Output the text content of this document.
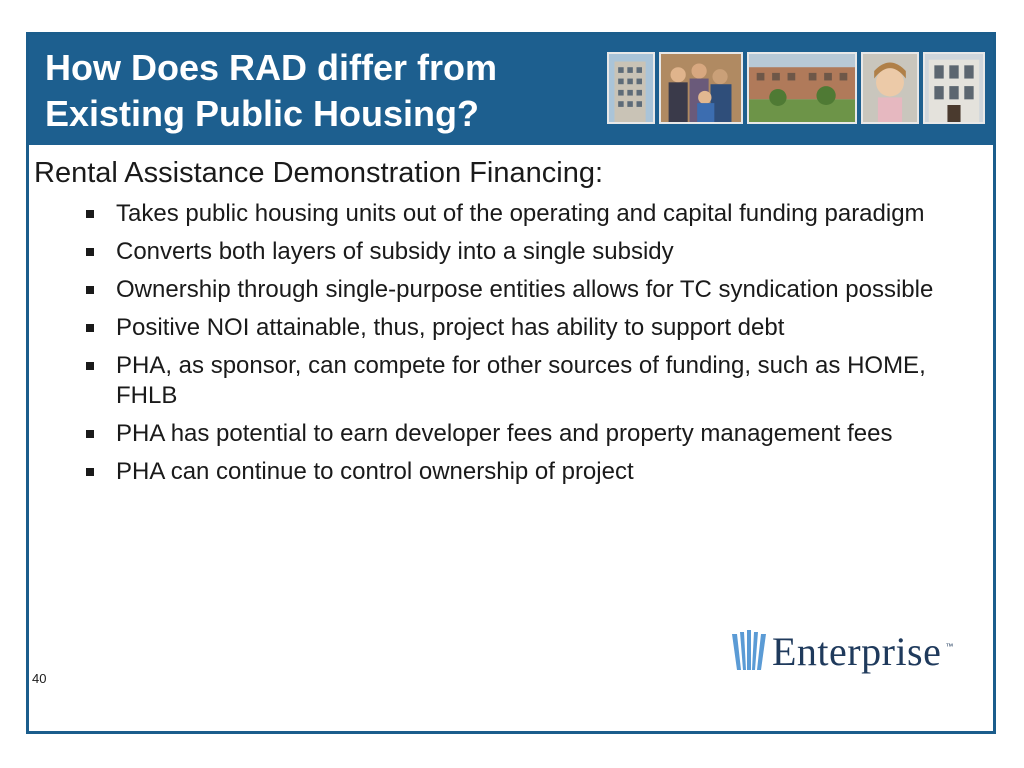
How Does RAD differ from
Existing Public Housing?

Rental Assistance Demonstration Financing:

Takes public housing units out of the operating and capital funding paradigm
Converts both layers of subsidy into a single subsidy
Ownership through single-purpose entities allows for TC syndication possible
Positive NOI attainable, thus, project has ability to support debt
PHA, as sponsor, can compete for other sources of funding, such as HOME, FHLB
PHA has potential to earn developer fees and property management fees
PHA can continue to control ownership of project
40
Enterprise ™
